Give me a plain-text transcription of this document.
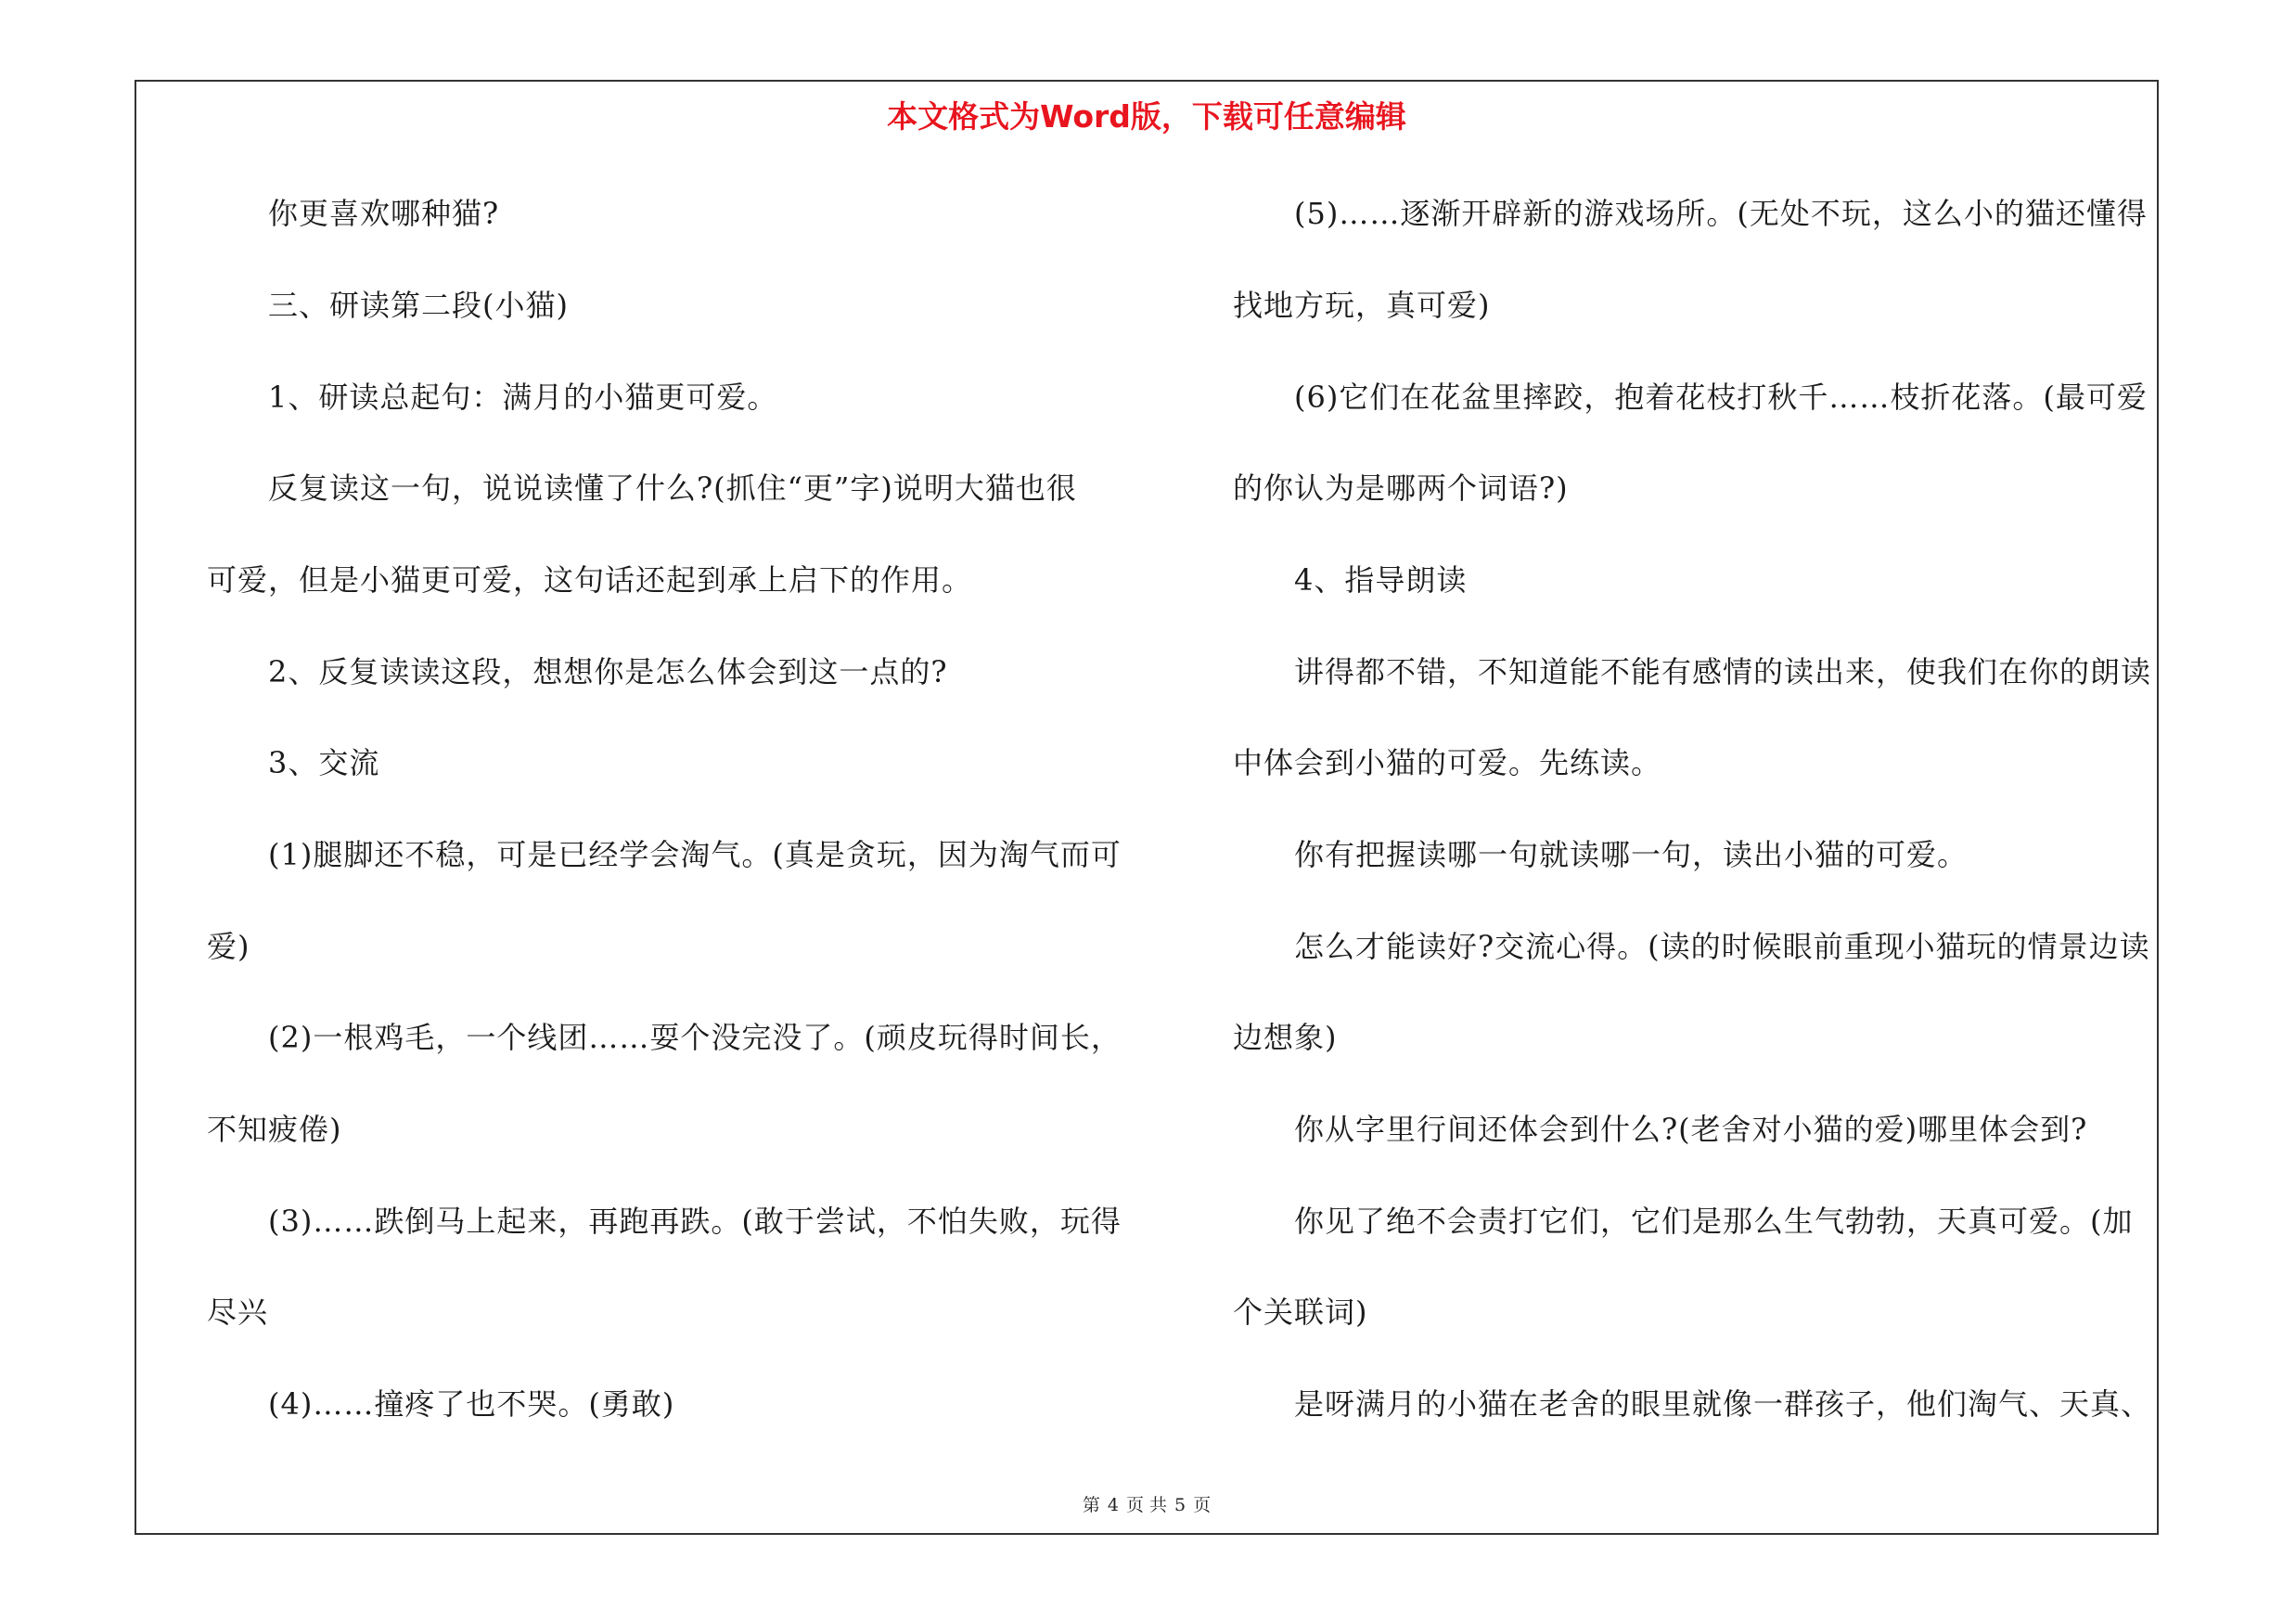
本文格式为Word版，下载可任意编辑
你更喜欢哪种猫?
三、研读第二段(小猫)
1、研读总起句：满月的小猫更可爱。
反复读这一句，说说读懂了什么?(抓住“更”字)说明大猫也很
可爱，但是小猫更可爱，这句话还起到承上启下的作用。
2、反复读读这段，想想你是怎么体会到这一点的?
3、交流
(1)腿脚还不稳，可是已经学会淘气。(真是贪玩，因为淘气而可
爱)
(2)一根鸡毛，一个线团……耍个没完没了。(顽皮玩得时间长，
不知疲倦)
(3)……跌倒马上起来，再跑再跌。(敢于尝试，不怕失败，玩得
尽兴
(4)……撞疼了也不哭。(勇敢)
(5)……逐渐开辟新的游戏场所。(无处不玩，这么小的猫还懂得
找地方玩，真可爱)
(6)它们在花盆里摔跤，抱着花枝打秋千……枝折花落。(最可爱
的你认为是哪两个词语?)
4、指导朗读
讲得都不错，不知道能不能有感情的读出来，使我们在你的朗读
中体会到小猫的可爱。先练读。
你有把握读哪一句就读哪一句，读出小猫的可爱。
怎么才能读好?交流心得。(读的时候眼前重现小猫玩的情景边读
边想象)
你从字里行间还体会到什么?(老舍对小猫的爱)哪里体会到?
你见了绝不会责打它们，它们是那么生气勃勃，天真可爱。(加
个关联词)
是呀满月的小猫在老舍的眼里就像一群孩子，他们淘气、天真、
第 4 页 共 5 页
